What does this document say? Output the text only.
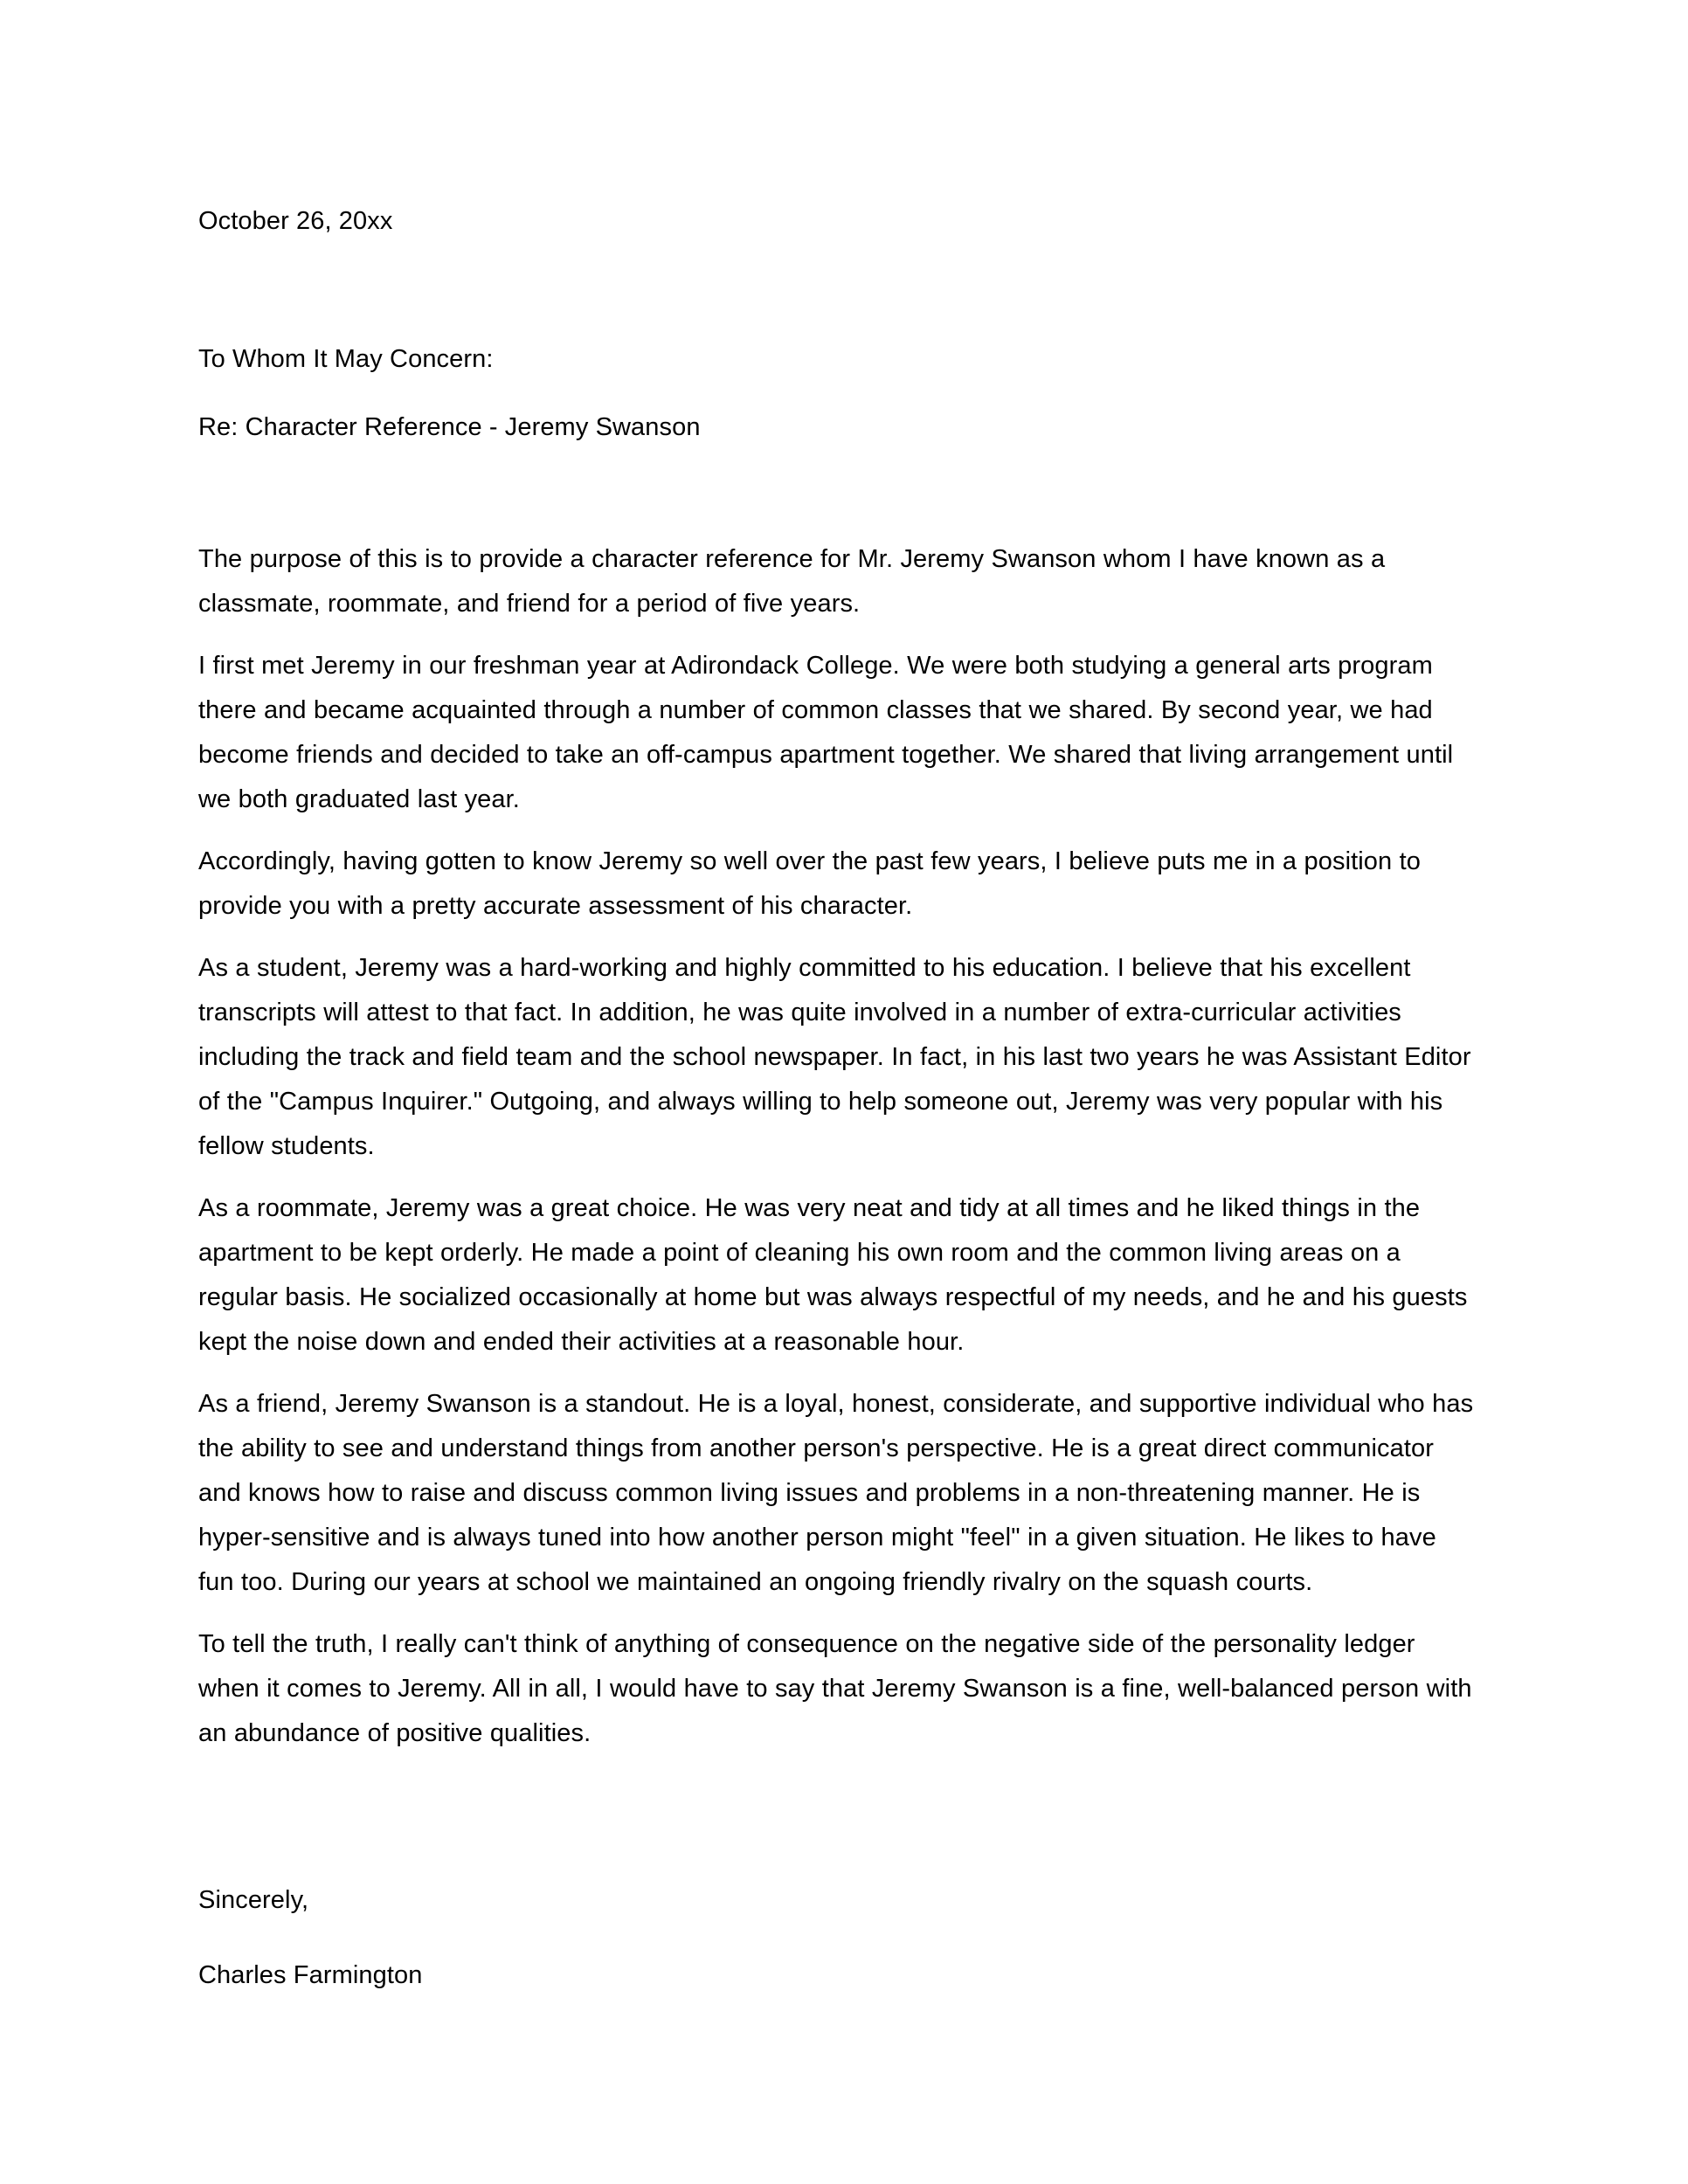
October 26, 20xx
To Whom It May Concern:
Re: Character Reference - Jeremy Swanson
The purpose of this is to provide a character reference for Mr. Jeremy Swanson whom I have known as a classmate, roommate, and friend for a period of five years.
I first met Jeremy in our freshman year at Adirondack College. We were both studying a general arts program there and became acquainted through a number of common classes that we shared. By second year, we had become friends and decided to take an off-campus apartment together. We shared that living arrangement until we both graduated last year.
Accordingly, having gotten to know Jeremy so well over the past few years, I believe puts me in a position to provide you with a pretty accurate assessment of his character.
As a student, Jeremy was a hard-working and highly committed to his education. I believe that his excellent transcripts will attest to that fact. In addition, he was quite involved in a number of extra-curricular activities including the track and field team and the school newspaper. In fact, in his last two years he was Assistant Editor of the "Campus Inquirer." Outgoing, and always willing to help someone out, Jeremy was very popular with his fellow students.
As a roommate, Jeremy was a great choice. He was very neat and tidy at all times and he liked things in the apartment to be kept orderly. He made a point of cleaning his own room and the common living areas on a regular basis. He socialized occasionally at home but was always respectful of my needs, and he and his guests kept the noise down and ended their activities at a reasonable hour.
As a friend, Jeremy Swanson is a standout. He is a loyal, honest, considerate, and supportive individual who has the ability to see and understand things from another person's perspective. He is a great direct communicator and knows how to raise and discuss common living issues and problems in a non-threatening manner. He is hyper-sensitive and is always tuned into how another person might "feel" in a given situation. He likes to have fun too. During our years at school we maintained an ongoing friendly rivalry on the squash courts.
To tell the truth, I really can't think of anything of consequence on the negative side of the personality ledger when it comes to Jeremy. All in all, I would have to say that Jeremy Swanson is a fine, well-balanced person with an abundance of positive qualities.
Sincerely,
Charles Farmington
